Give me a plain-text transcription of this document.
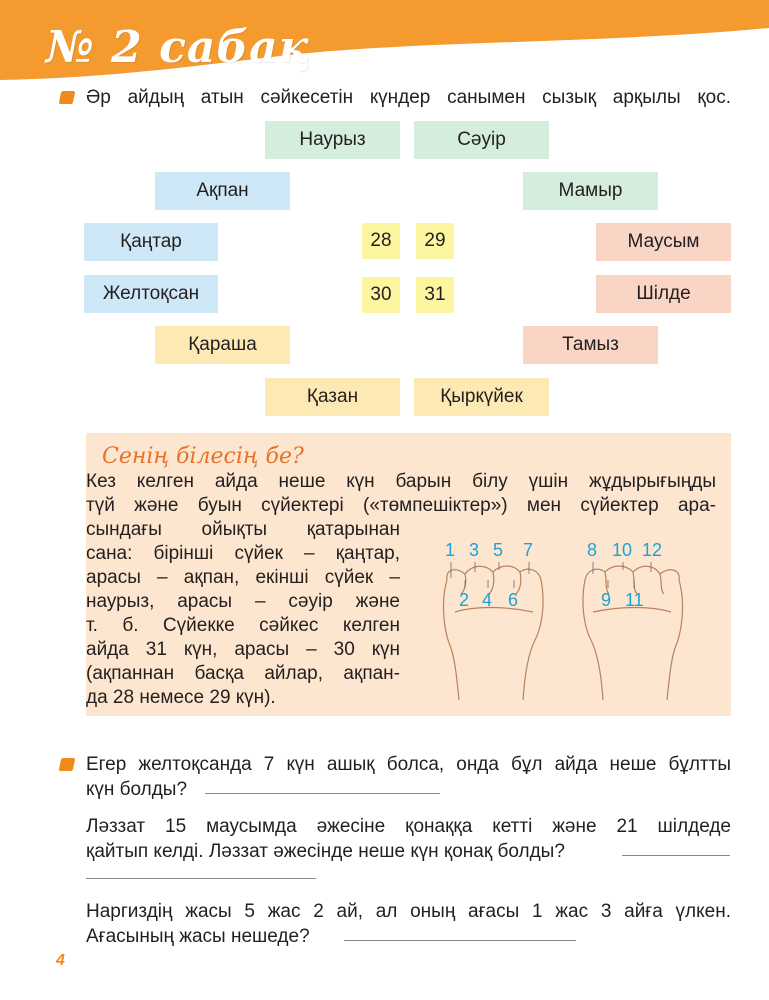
№ 2 сабақ
Әр айдың атын сәйкесетін күндер санымен сызық арқылы қос.
Наурыз	Сәуір
Ақпан	Мамыр
Қаңтар	Маусым
Желтоқсан	Шілде
Қараша	Тамыз
Қазан	Қыркүйек
28	29
30	31
Сенің білесің бе?
Кез келген айда неше күн барын білу үшін жұдырығыңды
түй және буын сүйектері («төмпешіктер») мен сүйектер ара-
сындағы ойықты қатарынан
сана: бірінші сүйек – қаңтар,
арасы – ақпан, екінші сүйек –
наурыз, арасы – сәуір және
т. б. Сүйекке сәйкес келген
айда 31 күн, арасы – 30 күн
(ақпаннан басқа айлар, ақпан-
да 28 немесе 29 күн).
1 3 5 7
2 4 6
8 10 12
9 11
Егер желтоқсанда 7 күн ашық болса, онда бұл айда неше бұлтты
күн болды?
Ләззат 15 маусымда әжесіне қонаққа кетті және 21 шілдеде
қайтып келді. Ләззат әжесінде неше күн қонақ болды?
Наргиздің жасы 5 жас 2 ай, ал оның ағасы 1 жас 3 айға үлкен.
Ағасының жасы нешеде?
4
